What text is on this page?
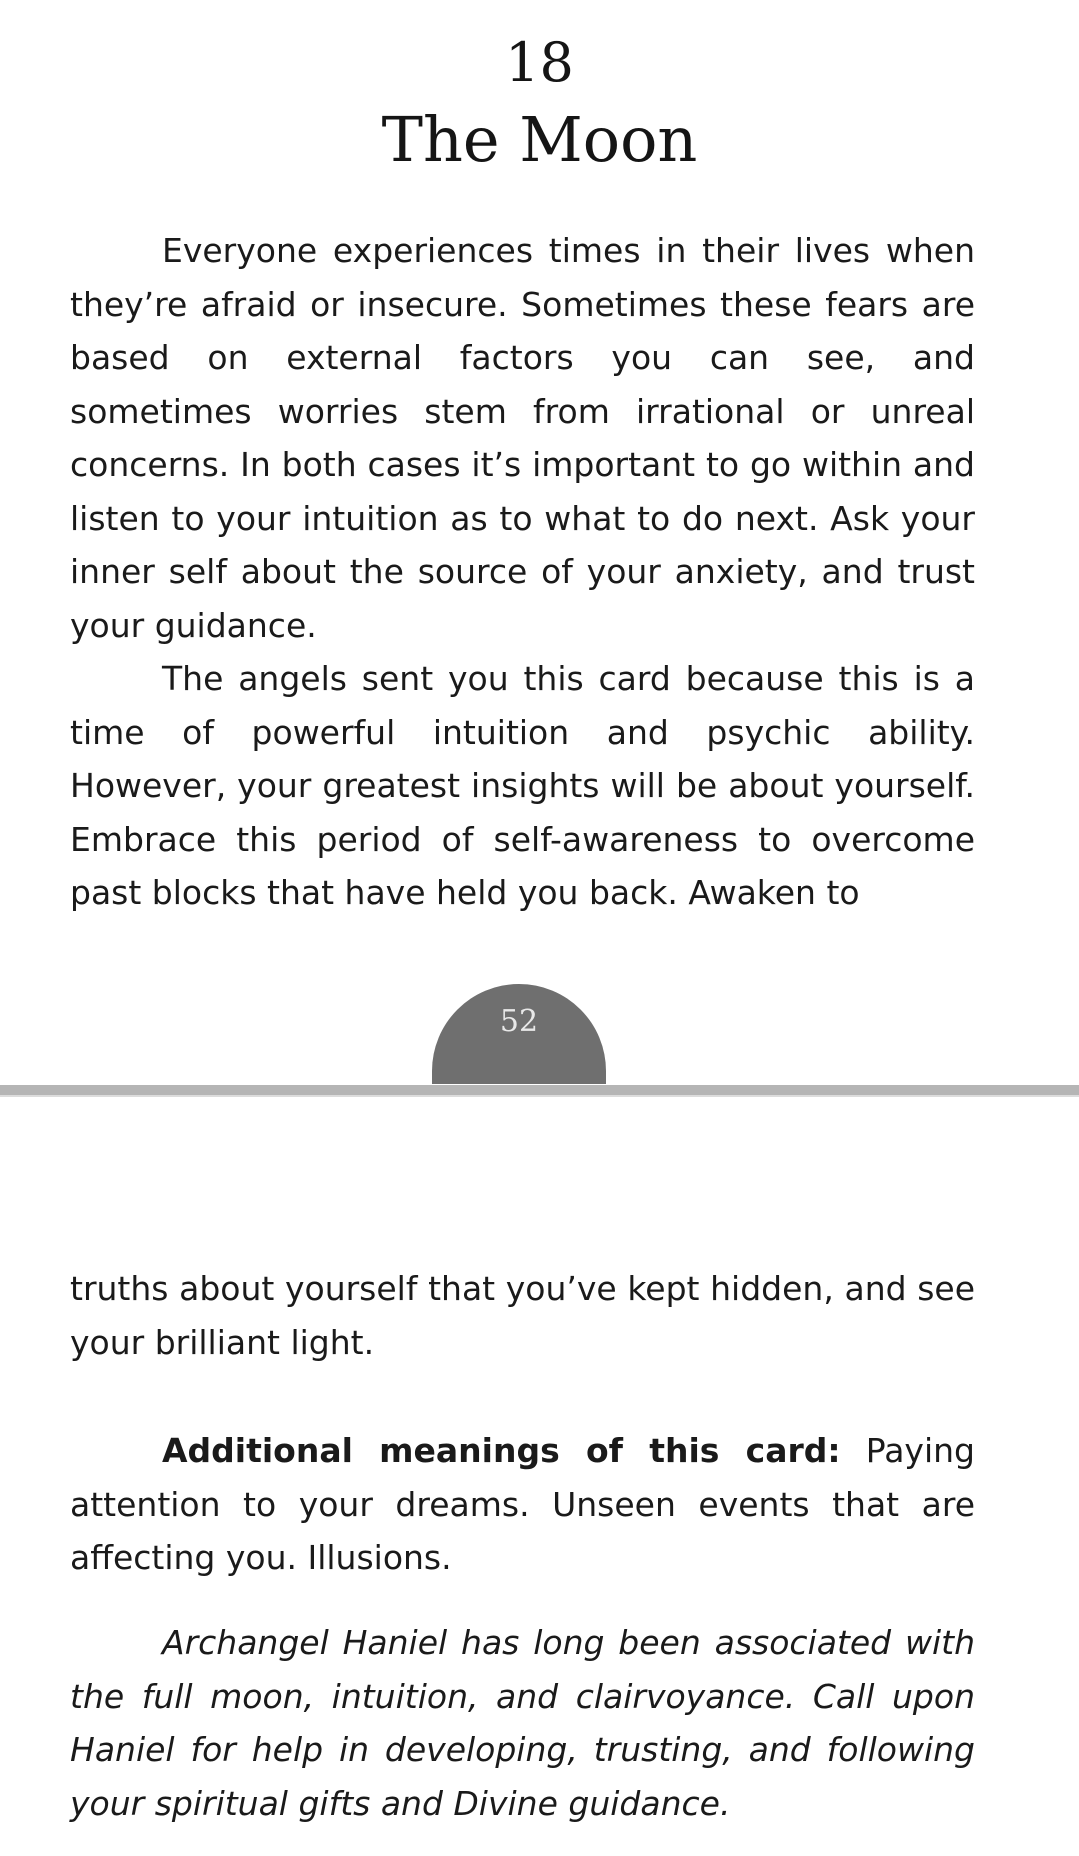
18
The Moon

Everyone experiences times in their lives when they’re afraid or insecure. Sometimes these fears are based on external factors you can see, and sometimes worries stem from irrational or unreal concerns. In both cases it’s important to go within and listen to your intuition as to what to do next. Ask your inner self about the source of your anxiety, and trust your guidance.

The angels sent you this card because this is a time of powerful intuition and psychic ability. However, your greatest insights will be about yourself. Embrace this period of self-awareness to overcome past blocks that have held you back. Awaken to

52

truths about yourself that you’ve kept hidden, and see your brilliant light.

Additional meanings of this card: Paying attention to your dreams. Unseen events that are affecting you. Illusions.

Archangel Haniel has long been associated with the full moon, intuition, and clairvoyance. Call upon Haniel for help in developing, trusting, and following your spiritual gifts and Divine guidance.
